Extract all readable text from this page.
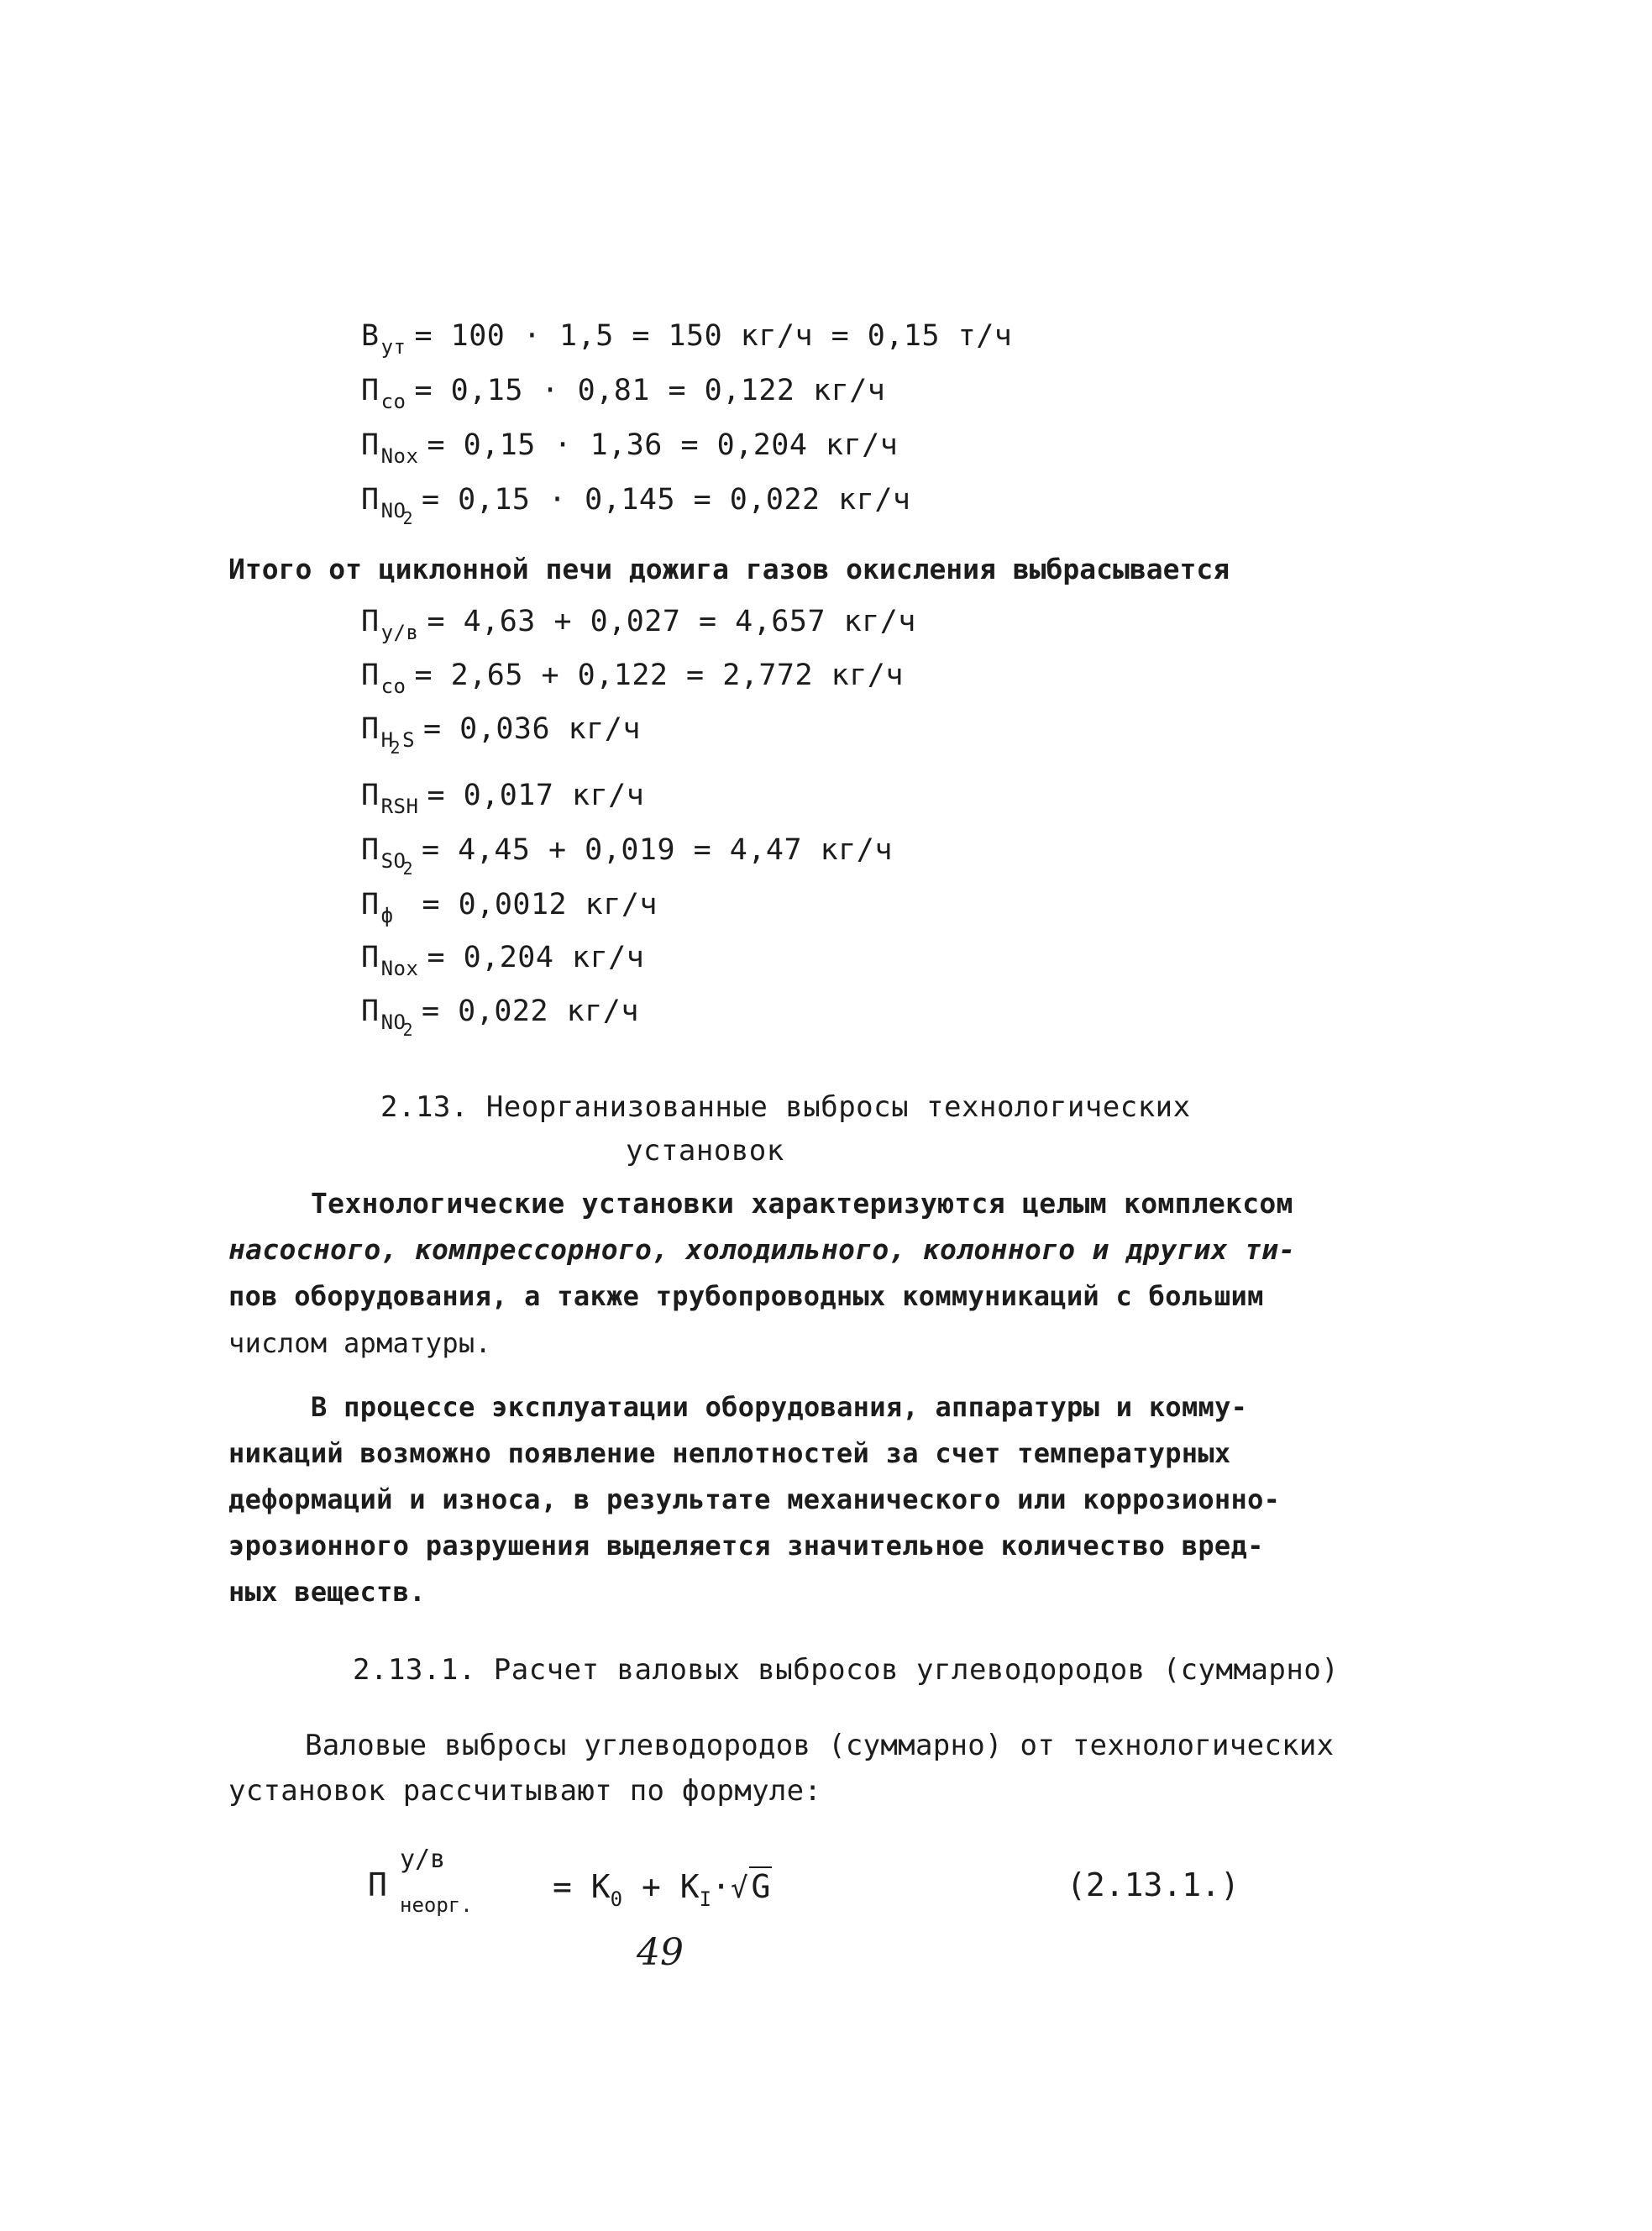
$В_{ут} = 100 \cdot 1,5 = 150$ кг/ч = 0,15 т/ч
$П_{со} = 0,15 \cdot 0,81 = 0,122$ кг/ч
$П_{Nох} = 0,15 \cdot 1,36 = 0,204$ кг/ч
$П_{NО2}= 0,15 \cdot 0,145 = 0,022$ кг/ч
Итого от циклонной печи дожига газов окисления выбрасывается
$П_{у/в} = 4,63 + 0,027 = 4,657$ кг/ч
$П_{со} = 2,65 + 0,122 = 2,772$ кг/ч
$П_{Н2S} = 0,036$ кг/ч
$П_{RSH} = 0,017$ кг/ч
$П_{SО2}= 4,45 + 0,019 = 4,47$ кг/ч
$П_ф = 0,0012$ кг/ч
$П_{Nох} = 0,204$ кг/ч
$П_{NО2}= 0,022$ кг/ч
2.13. Неорганизованные выбросы технологических
установок
Технологические установки характеризуются целым комплексом
насосного, компрессорного, холодильного, колонного и других ти-
пов оборудования, а также трубопроводных коммуникаций с большим
числом арматуры.
В процессе эксплуатации оборудования, аппаратуры и комму-
никаций возможно появление неплотностей за счет температурных
деформаций и износа, в результате механического или коррозионно-
эрозионного разрушения выделяется значительное количество вред-
ных веществ.
2.13.1. Расчет валовых выбросов углеводородов (суммарно)
Валовые выбросы углеводородов (суммарно) от технологических
установок рассчитывают по формуле:
П
у/в
неорг.	= $K_0 + K_I\cdot√$ G	(2.13.1.)
49
